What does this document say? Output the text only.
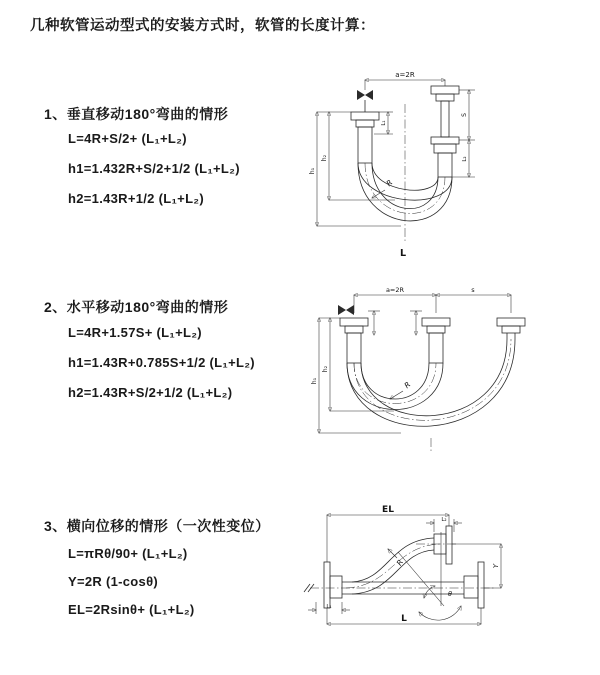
几种软管运动型式的安装方式时，软管的长度计算：
1、垂直移动180°弯曲的情形
L=4R+S/2+ (L₁+L₂)
h1=1.432R+S/2+1/2 (L₁+L₂)
h2=1.43R+1/2 (L₁+L₂)
2、水平移动180°弯曲的情形
L=4R+1.57S+ (L₁+L₂)
h1=1.43R+0.785S+1/2 (L₁+L₂)
h2=1.43R+S/2+1/2 (L₁+L₂)
3、横向位移的情形（一次性变位）
L=πRθ/90+ (L₁+L₂)
Y=2R (1-cosθ)
EL=2Rsinθ+ (L₁+L₂)
a=2R
h₁
h₂
L₁
S
L₂
R
L
a=2R	s
h₁
h₂
R
θ
R
EL
L₂
Y
L₁
L
